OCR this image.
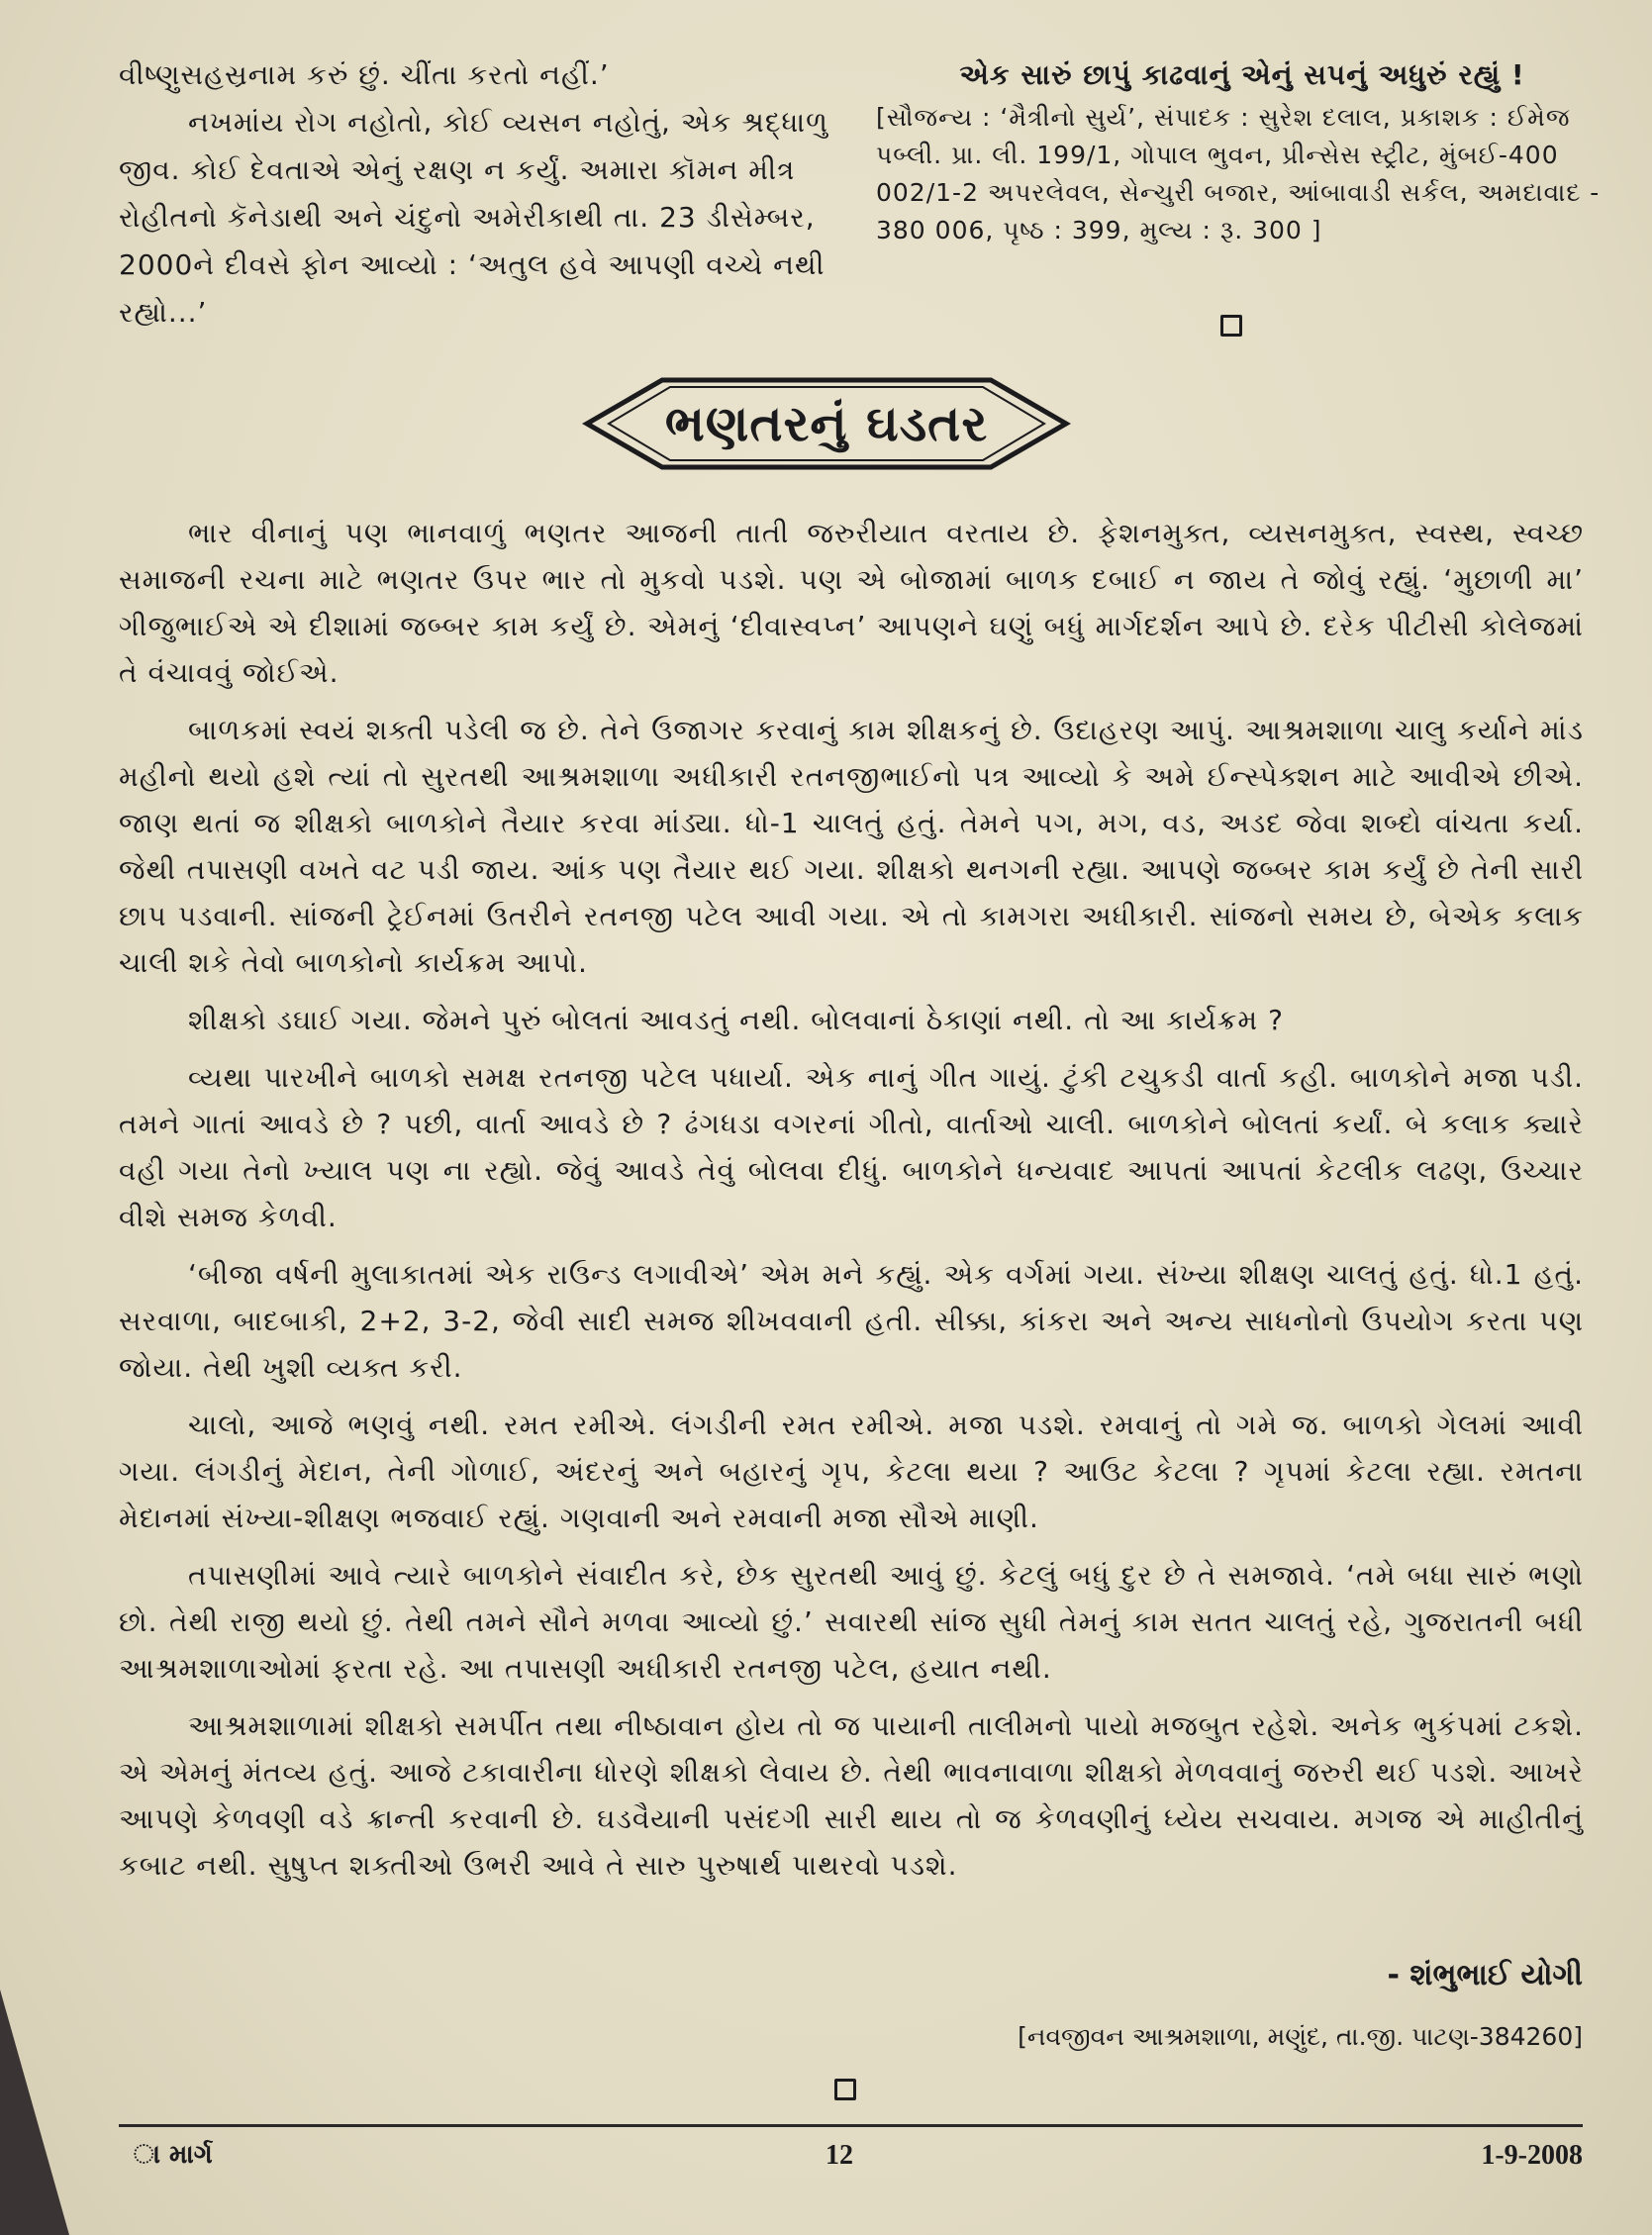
વીષ્ણુસહસ્રનામ કરું છું. ચીંતા કરતો નહીં.’

નખમાંય રોગ નહોતો, કોઈ વ્યસન નહોતું, એક શ્રદ્ધાળુ જીવ. કોઈ દેવતાએ એનું રક્ષણ ન કર્યું. અમારા કૉમન મીત્ર રોહીતનો કૅનેડાથી અને ચંદુનો અમેરીકાથી તા. 23 ડીસેમ્બર, 2000ને દીવસે ફોન આવ્યો : ‘અતુલ હવે આપણી વચ્ચે નથી રહ્યો...’

એક સારું છાપું કાઢવાનું એનું સપનું અધુરું રહ્યું !

[સૌજન્ય : ‘મૈત્રીનો સુર્ય’, સંપાદક : સુરેશ દલાલ, પ્રકાશક : ઈમેજ પબ્લી. પ્રા. લી. 199/1, ગોપાલ ભુવન, પ્રીન્સેસ સ્ટ્રીટ, મુંબઈ-400 002/1-2 અપરલેવલ, સેન્ચુરી બજાર, આંબાવાડી સર્કલ, અમદાવાદ - 380 006, પૃષ્ઠ : 399, મુલ્ય : રૂ. 300 ]

ભણતરનું ઘડતર

ભાર વીનાનું પણ ભાનવાળું ભણતર આજની તાતી જરુરીયાત વરતાય છે. ફેશનમુક્ત, વ્યસનમુક્ત, સ્વસ્થ, સ્વચ્છ સમાજની રચના માટે ભણતર ઉપર ભાર તો મુકવો પડશે. પણ એ બોજામાં બાળક દબાઈ ન જાય તે જોવું રહ્યું. ‘મુછાળી મા’ ગીજુભાઈએ એ દીશામાં જબ્બર કામ કર્યું છે. એમનું ‘દીવાસ્વપ્ન’ આપણને ઘણું બધું માર્ગદર્શન આપે છે. દરેક પીટીસી કોલેજમાં તે વંચાવવું જોઈએ.

બાળકમાં સ્વયં શક્તી પડેલી જ છે. તેને ઉજાગર કરવાનું કામ શીક્ષકનું છે. ઉદાહરણ આપું. આશ્રમશાળા ચાલુ કર્યાને માંડ મહીનો થયો હશે ત્યાં તો સુરતથી આશ્રમશાળા અધીકારી રતનજીભાઈનો પત્ર આવ્યો કે અમે ઈન્સ્પેક્શન માટે આવીએ છીએ. જાણ થતાં જ શીક્ષકો બાળકોને તૈયાર કરવા માંડ્યા. ધો-1 ચાલતું હતું. તેમને પગ, મગ, વડ, અડદ જેવા શબ્દો વાંચતા કર્યા. જેથી તપાસણી વખતે વટ પડી જાય. આંક પણ તૈયાર થઈ ગયા. શીક્ષકો થનગની રહ્યા. આપણે જબ્બર કામ કર્યું છે તેની સારી છાપ પડવાની. સાંજની ટ્રેઈનમાં ઉતરીને રતનજી પટેલ આવી ગયા. એ તો કામગરા અધીકારી. સાંજનો સમય છે, બેએક કલાક ચાલી શકે તેવો બાળકોનો કાર્યક્રમ આપો.

શીક્ષકો ડઘાઈ ગયા. જેમને પુરું બોલતાં આવડતું નથી. બોલવાનાં ઠેકાણાં નથી. તો આ કાર્યક્રમ ?

વ્યથા પારખીને બાળકો સમક્ષ રતનજી પટેલ પધાર્યા. એક નાનું ગીત ગાયું. ટુંકી ટચુકડી વાર્તા કહી. બાળકોને મજા પડી. તમને ગાતાં આવડે છે ? પછી, વાર્તા આવડે છે ? ઢંગધડા વગરનાં ગીતો, વાર્તાઓ ચાલી. બાળકોને બોલતાં કર્યાં. બે કલાક ક્યારે વહી ગયા તેનો ખ્યાલ પણ ના રહ્યો. જેવું આવડે તેવું બોલવા દીધું. બાળકોને ધન્યવાદ આપતાં આપતાં કેટલીક લઢણ, ઉચ્ચાર વીશે સમજ કેળવી.

‘બીજા વર્ષની મુલાકાતમાં એક રાઉન્ડ લગાવીએ’ એમ મને કહ્યું. એક વર્ગમાં ગયા. સંખ્યા શીક્ષણ ચાલતું હતું. ધો.1 હતું. સરવાળા, બાદબાકી, 2+2, 3-2, જેવી સાદી સમજ શીખવવાની હતી. સીક્કા, કાંકરા અને અન્ય સાધનોનો ઉપયોગ કરતા પણ જોયા. તેથી ખુશી વ્યક્ત કરી.

ચાલો, આજે ભણવું નથી. રમત રમીએ. લંગડીની રમત રમીએ. મજા પડશે. રમવાનું તો ગમે જ. બાળકો ગેલમાં આવી ગયા. લંગડીનું મેદાન, તેની ગોળાઈ, અંદરનું અને બહારનું ગૃપ, કેટલા થયા ? આઉટ કેટલા ? ગૃપમાં કેટલા રહ્યા. રમતના મેદાનમાં સંખ્યા-શીક્ષણ ભજવાઈ રહ્યું. ગણવાની અને રમવાની મજા સૌએ માણી.

તપાસણીમાં આવે ત્યારે બાળકોને સંવાદીત કરે, છેક સુરતથી આવું છું. કેટલું બધું દુર છે તે સમજાવે. ‘તમે બધા સારું ભણો છો. તેથી રાજી થયો છું. તેથી તમને સૌને મળવા આવ્યો છું.’ સવારથી સાંજ સુધી તેમનું કામ સતત ચાલતું રહે, ગુજરાતની બધી આશ્રમશાળાઓમાં ફરતા રહે. આ તપાસણી અધીકારી રતનજી પટેલ, હયાત નથી.

આશ્રમશાળામાં શીક્ષકો સમર્પીત તથા નીષ્ઠાવાન હોય તો જ પાયાની તાલીમનો પાયો મજબુત રહેશે. અનેક ભુકંપમાં ટકશે. એ એમનું મંતવ્ય હતું. આજે ટકાવારીના ધોરણે શીક્ષકો લેવાય છે. તેથી ભાવનાવાળા શીક્ષકો મેળવવાનું જરુરી થઈ પડશે. આખરે આપણે કેળવણી વડે ક્રાન્તી કરવાની છે. ઘડવૈયાની પસંદગી સારી થાય તો જ કેળવણીનું ધ્યેય સચવાય. મગજ એ માહીતીનું કબાટ નથી. સુષુપ્ત શક્તીઓ ઉભરી આવે તે સારુ પુરુષાર્થ પાથરવો પડશે.

- શંભુભાઈ યોગી
[નવજીવન આશ્રમશાળા, મણુંદ, તા.જી. પાટણ-384260]
ા માર્ગ	12	1-9-2008
